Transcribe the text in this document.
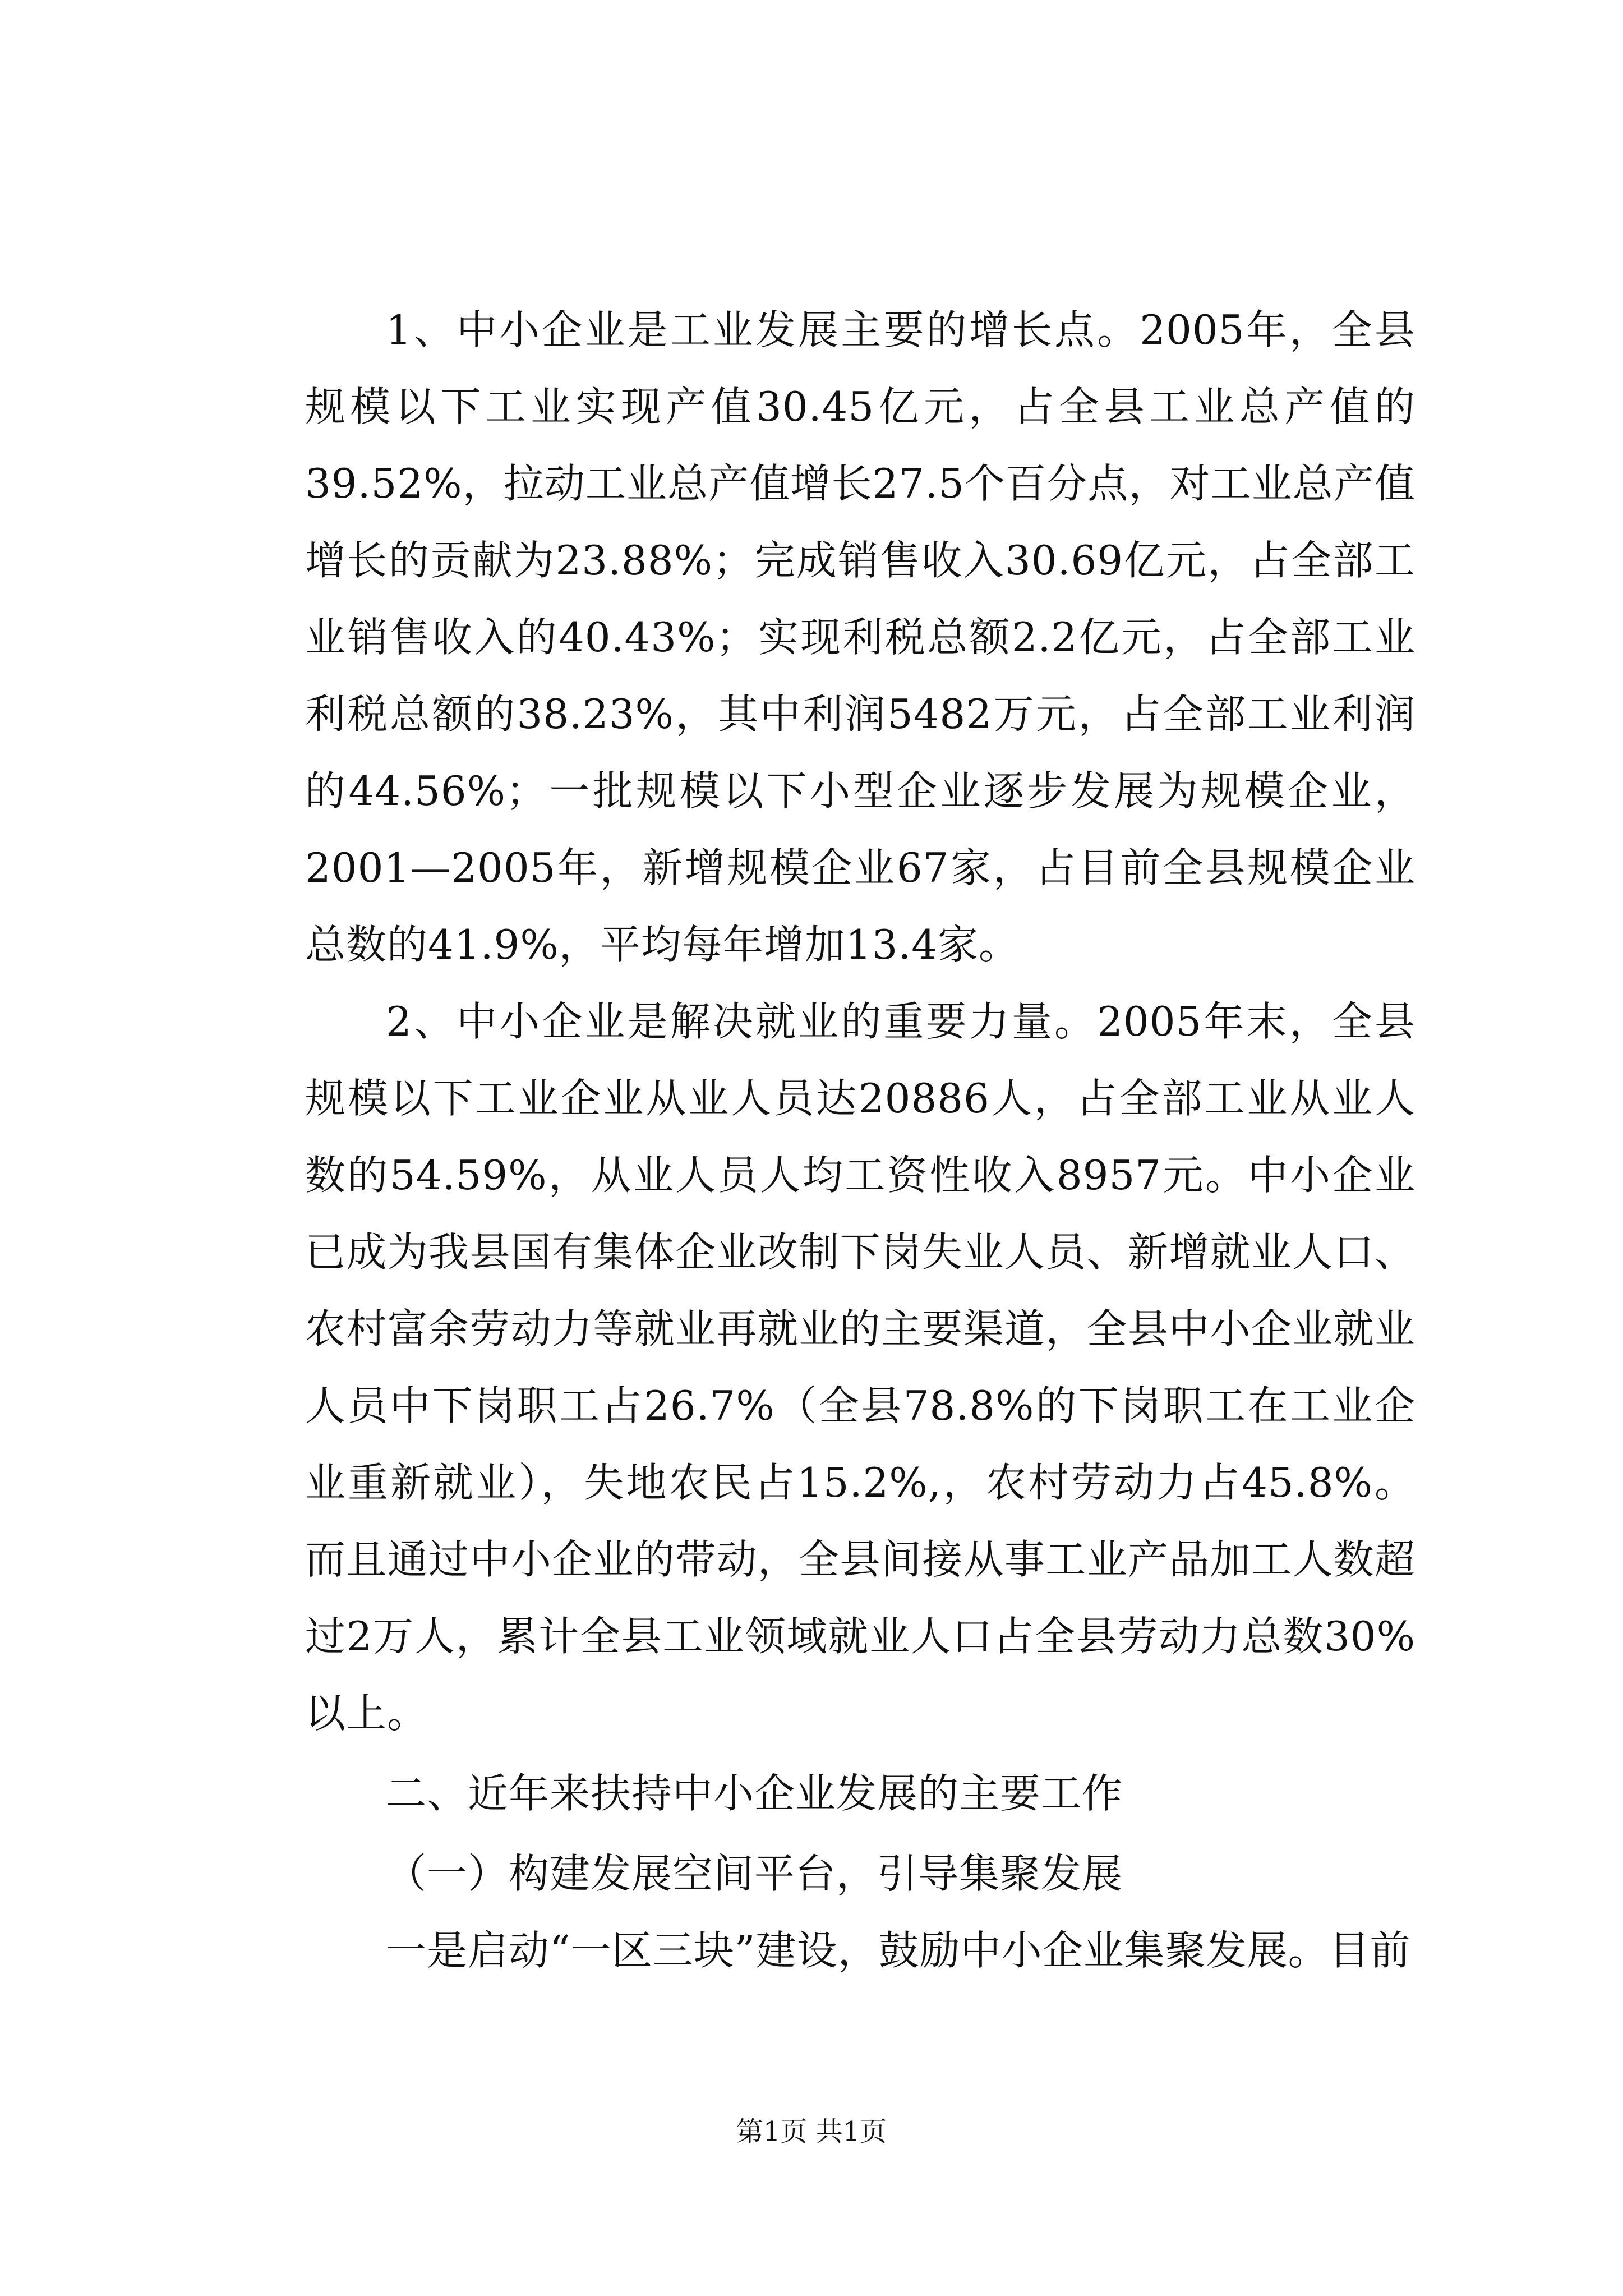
1、中小企业是工业发展主要的增长点。2005年，全县规模以下工业实现产值30.45亿元，占全县工业总产值的39.52%，拉动工业总产值增长27.5个百分点，对工业总产值增长的贡献为23.88%；完成销售收入30.69亿元，占全部工业销售收入的40.43%；实现利税总额2.2亿元，占全部工业利税总额的38.23%，其中利润5482万元，占全部工业利润的44.56%；一批规模以下小型企业逐步发展为规模企业，2001—2005年，新增规模企业67家，占目前全县规模企业总数的41.9%，平均每年增加13.4家。

2、中小企业是解决就业的重要力量。2005年末，全县规模以下工业企业从业人员达20886人，占全部工业从业人数的54.59%，从业人员人均工资性收入8957元。中小企业已成为我县国有集体企业改制下岗失业人员、新增就业人口、农村富余劳动力等就业再就业的主要渠道，全县中小企业就业人员中下岗职工占26.7%（全县78.8%的下岗职工在工业企业重新就业），失地农民占15.2%,，农村劳动力占45.8%。而且通过中小企业的带动，全县间接从事工业产品加工人数超过2万人，累计全县工业领域就业人口占全县劳动力总数30%以上。

二、近年来扶持中小企业发展的主要工作

（一）构建发展空间平台，引导集聚发展

一是启动“一区三块”建设，鼓励中小企业集聚发展。目前

第1页 共1页
